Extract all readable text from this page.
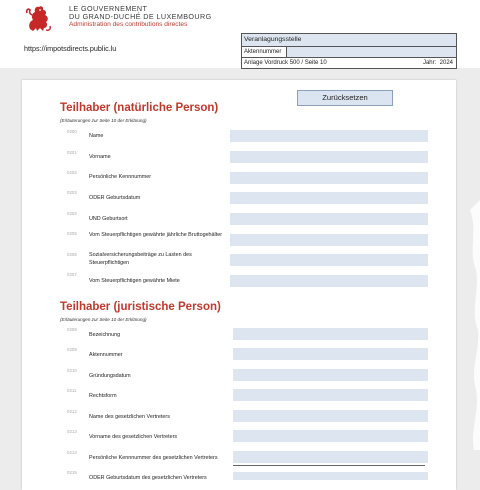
LE GOUVERNEMENT
DU GRAND-DUCHÉ DE LUXEMBOURG
Administration des contributions directes
https://impotsdirects.public.lu
Veranlagungsstelle
Aktennummer
Anlage Vordruck 500 / Seite 10	Jahr: 2024
Zurücksetzen
Teilhaber (natürliche Person)
(Erläuterungen zur Seite 10 der Erklärung)
0200
Name
0201
Vorname
0202
Persönliche Kennnummer
0203
ODER Geburtsdatum
0204
UND Geburtsort
0205 Vom Steuerpflichtigen gewährte jährliche Bruttogehälter
0206 Sozialversicherungsbeiträge zu Lasten des Steuerpflichtigen
0207
Vom Steuerpflichtigen gewährte Miete
Teilhaber (juristische Person)
(Erläuterungen zur Seite 10 der Erklärung)
0208
Bezeichnung
0209
Aktennummer
0210
Gründungsdatum
0211
Rechtsform
0212
Name des gesetzlichen Vertreters
0213
Vorname des gesetzlichen Vertreters
0214
Persönliche Kennnummer des gesetzlichen Vertreters
0215
ODER Geburtsdatum des gesetzlichen Vertreters
